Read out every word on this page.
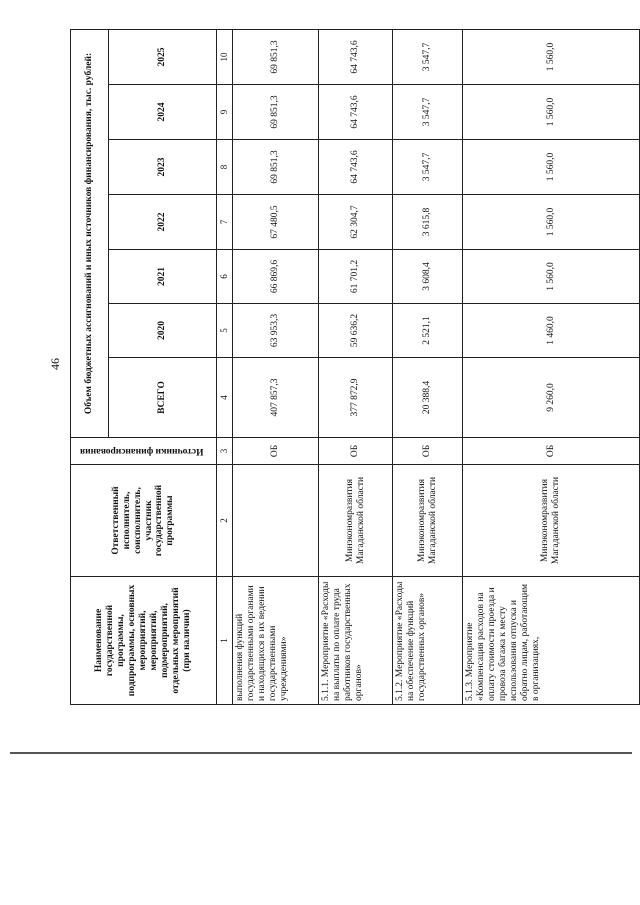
46
Наименование государственной программы, подпрограммы, основных мероприятий, мероприятий, подмероприятий, отдельных мероприятий (при наличии)	Ответственный исполнитель, соисполнитель, участник государственной программы	Источники финансирования	Объем бюджетных ассигнований и иных источников финансирования, тыс. рублей:						
			ВСЕГО	2020	2021	2022	2023	2024	2025
1	2	3	4	5	6	7	8	9	10
выполнения функций государственными органами и находящихся в их ведении государственными учреждениями»		ОБ	407 857,3	63 953,3	66 869,6	67 480,5	69 851,3	69 851,3	69 851,3
5.1.1. Мероприятие «Расходы на выплаты по оплате труда работников государственных органов»	Минэкономразвития Магаданской области	ОБ	377 872,9	59 636,2	61 701,2	62 304,7	64 743,6	64 743,6	64 743,6
5.1.2. Мероприятие «Расходы на обеспечение функций государственных органов»	Минэкономразвития Магаданской области	ОБ	20 388,4	2 521,1	3 608,4	3 615,8	3 547,7	3 547,7	3 547,7
5.1.3. Мероприятие «Компенсация расходов на оплату стоимости проезда и провоза багажа к месту использования отпуска и обратно лицам, работающим в организациях,	Минэкономразвития Магаданской области	ОБ	9 260,0	1 460,0	1 560,0	1 560,0	1 560,0	1 560,0	1 560,0
